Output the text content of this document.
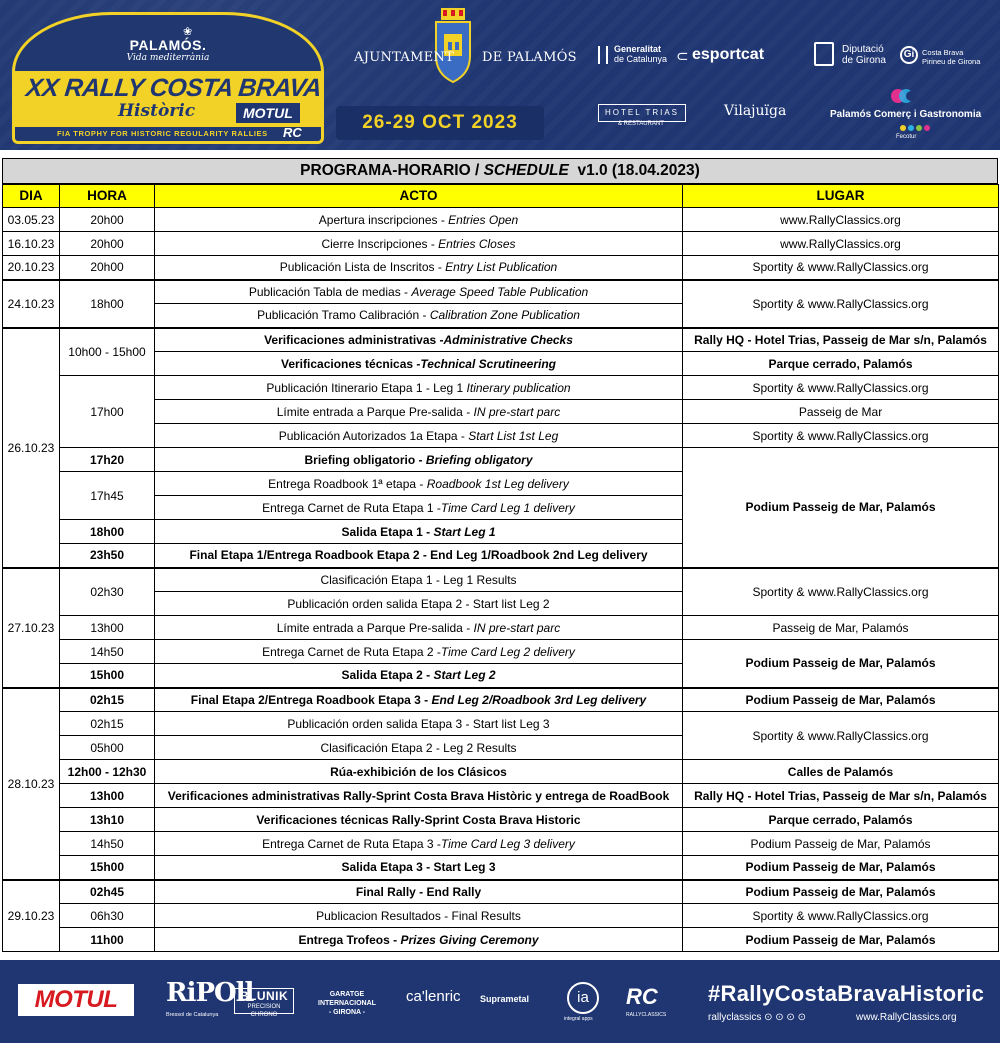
❀
PALAMÓS.
Vida mediterrània
XX RALLY COSTA BRAVA
Històric	MOTUL
FIA TROPHY FOR HISTORIC REGULARITY RALLIES	RC
AJUNTAMENT DE PALAMÓS
26-29 OCT 2023
Generalitat
de Catalunya ⊂ esportcat	Diputació
de Girona
Gi	Costa Brava
Pirineu de Girona
HOTEL TRIAS
& RESTAURANT
Vilajuïga	Palamós Comerç i Gastronomia
Fecotur
PROGRAMA-HORARIO / SCHEDULE  v1.0 (18.04.2023)
DIA	HORA	ACTO	LUGAR
03.05.23	20h00	Apertura inscripciones - Entries Open	www.RallyClassics.org
16.10.23	20h00	Cierre Inscripciones - Entries Closes	www.RallyClassics.org
20.10.23	20h00	Publicación Lista de Inscritos - Entry List Publication	Sportity & www.RallyClassics.org
24.10.23	18h00	Publicación Tabla de medias - Average Speed Table Publication	Sportity & www.RallyClassics.org
		Publicación Tramo Calibración - Calibration Zone Publication	
26.10.23	10h00 - 15h00	Verificaciones administrativas -Administrative Checks	Rally HQ - Hotel Trias, Passeig de Mar s/n, Palamós
		Verificaciones técnicas -Technical Scrutineering	Parque cerrado, Palamós
	17h00	Publicación Itinerario Etapa 1 - Leg 1 Itinerary publication	Sportity & www.RallyClassics.org
		Límite entrada a Parque Pre-salida - IN pre-start parc	Passeig de Mar
		Publicación Autorizados 1a Etapa - Start List 1st Leg	Sportity & www.RallyClassics.org
	17h20	Briefing obligatorio - Briefing obligatory	Podium Passeig de Mar, Palamós
	17h45	Entrega Roadbook 1ª etapa - Roadbook 1st Leg delivery	
		Entrega Carnet de Ruta Etapa 1 -Time Card Leg 1 delivery	
	18h00	Salida Etapa 1 - Start Leg 1	
	23h50	Final Etapa 1/Entrega Roadbook Etapa 2 - End Leg 1/Roadbook 2nd Leg delivery	
27.10.23	02h30	Clasificación Etapa 1 - Leg 1 Results	Sportity & www.RallyClassics.org
		Publicación orden salida Etapa 2 - Start list Leg 2	
	13h00	Límite entrada a Parque Pre-salida - IN pre-start parc	Passeig de Mar, Palamós
	14h50	Entrega Carnet de Ruta Etapa 2 -Time Card Leg 2 delivery	Podium Passeig de Mar, Palamós
	15h00	Salida Etapa 2 - Start Leg 2	
28.10.23	02h15	Final Etapa 2/Entrega Roadbook Etapa 3 - End Leg 2/Roadbook 3rd Leg delivery	Podium Passeig de Mar, Palamós
	02h15	Publicación orden salida Etapa 3 - Start list Leg 3	Sportity & www.RallyClassics.org
	05h00	Clasificación Etapa 2 - Leg 2 Results	
	12h00 - 12h30	Rúa-exhibición de los Clásicos	Calles de Palamós
	13h00	Verificaciones administrativas Rally-Sprint Costa Brava Històric y entrega de RoadBook	Rally HQ - Hotel Trias, Passeig de Mar s/n, Palamós
	13h10	Verificaciones técnicas Rally-Sprint Costa Brava Historic	Parque cerrado, Palamós
	14h50	Entrega Carnet de Ruta Etapa 3 -Time Card Leg 3 delivery	Podium Passeig de Mar, Palamós
	15h00	Salida Etapa 3 - Start Leg 3	Podium Passeig de Mar, Palamós
29.10.23	02h45	Final Rally - End Rally	Podium Passeig de Mar, Palamós
	06h30	Publicacion Resultados - Final Results	Sportity & www.RallyClassics.org
	11h00	Entrega Trofeos - Prizes Giving Ceremony	Podium Passeig de Mar, Palamós
MOTUL	RiPOll
Bressol de Catalunya
BLUNIK
PRECISION CHRONO
GARATGE
INTERNACIONAL
- GIRONA -
ca'lenric Suprametal	ia
integral apps
RC
RALLYCLASSICS
#RallyCostaBravaHistoric
rallyclassics ⊙ ⊙ ⊙ ⊙	www.RallyClassics.org
